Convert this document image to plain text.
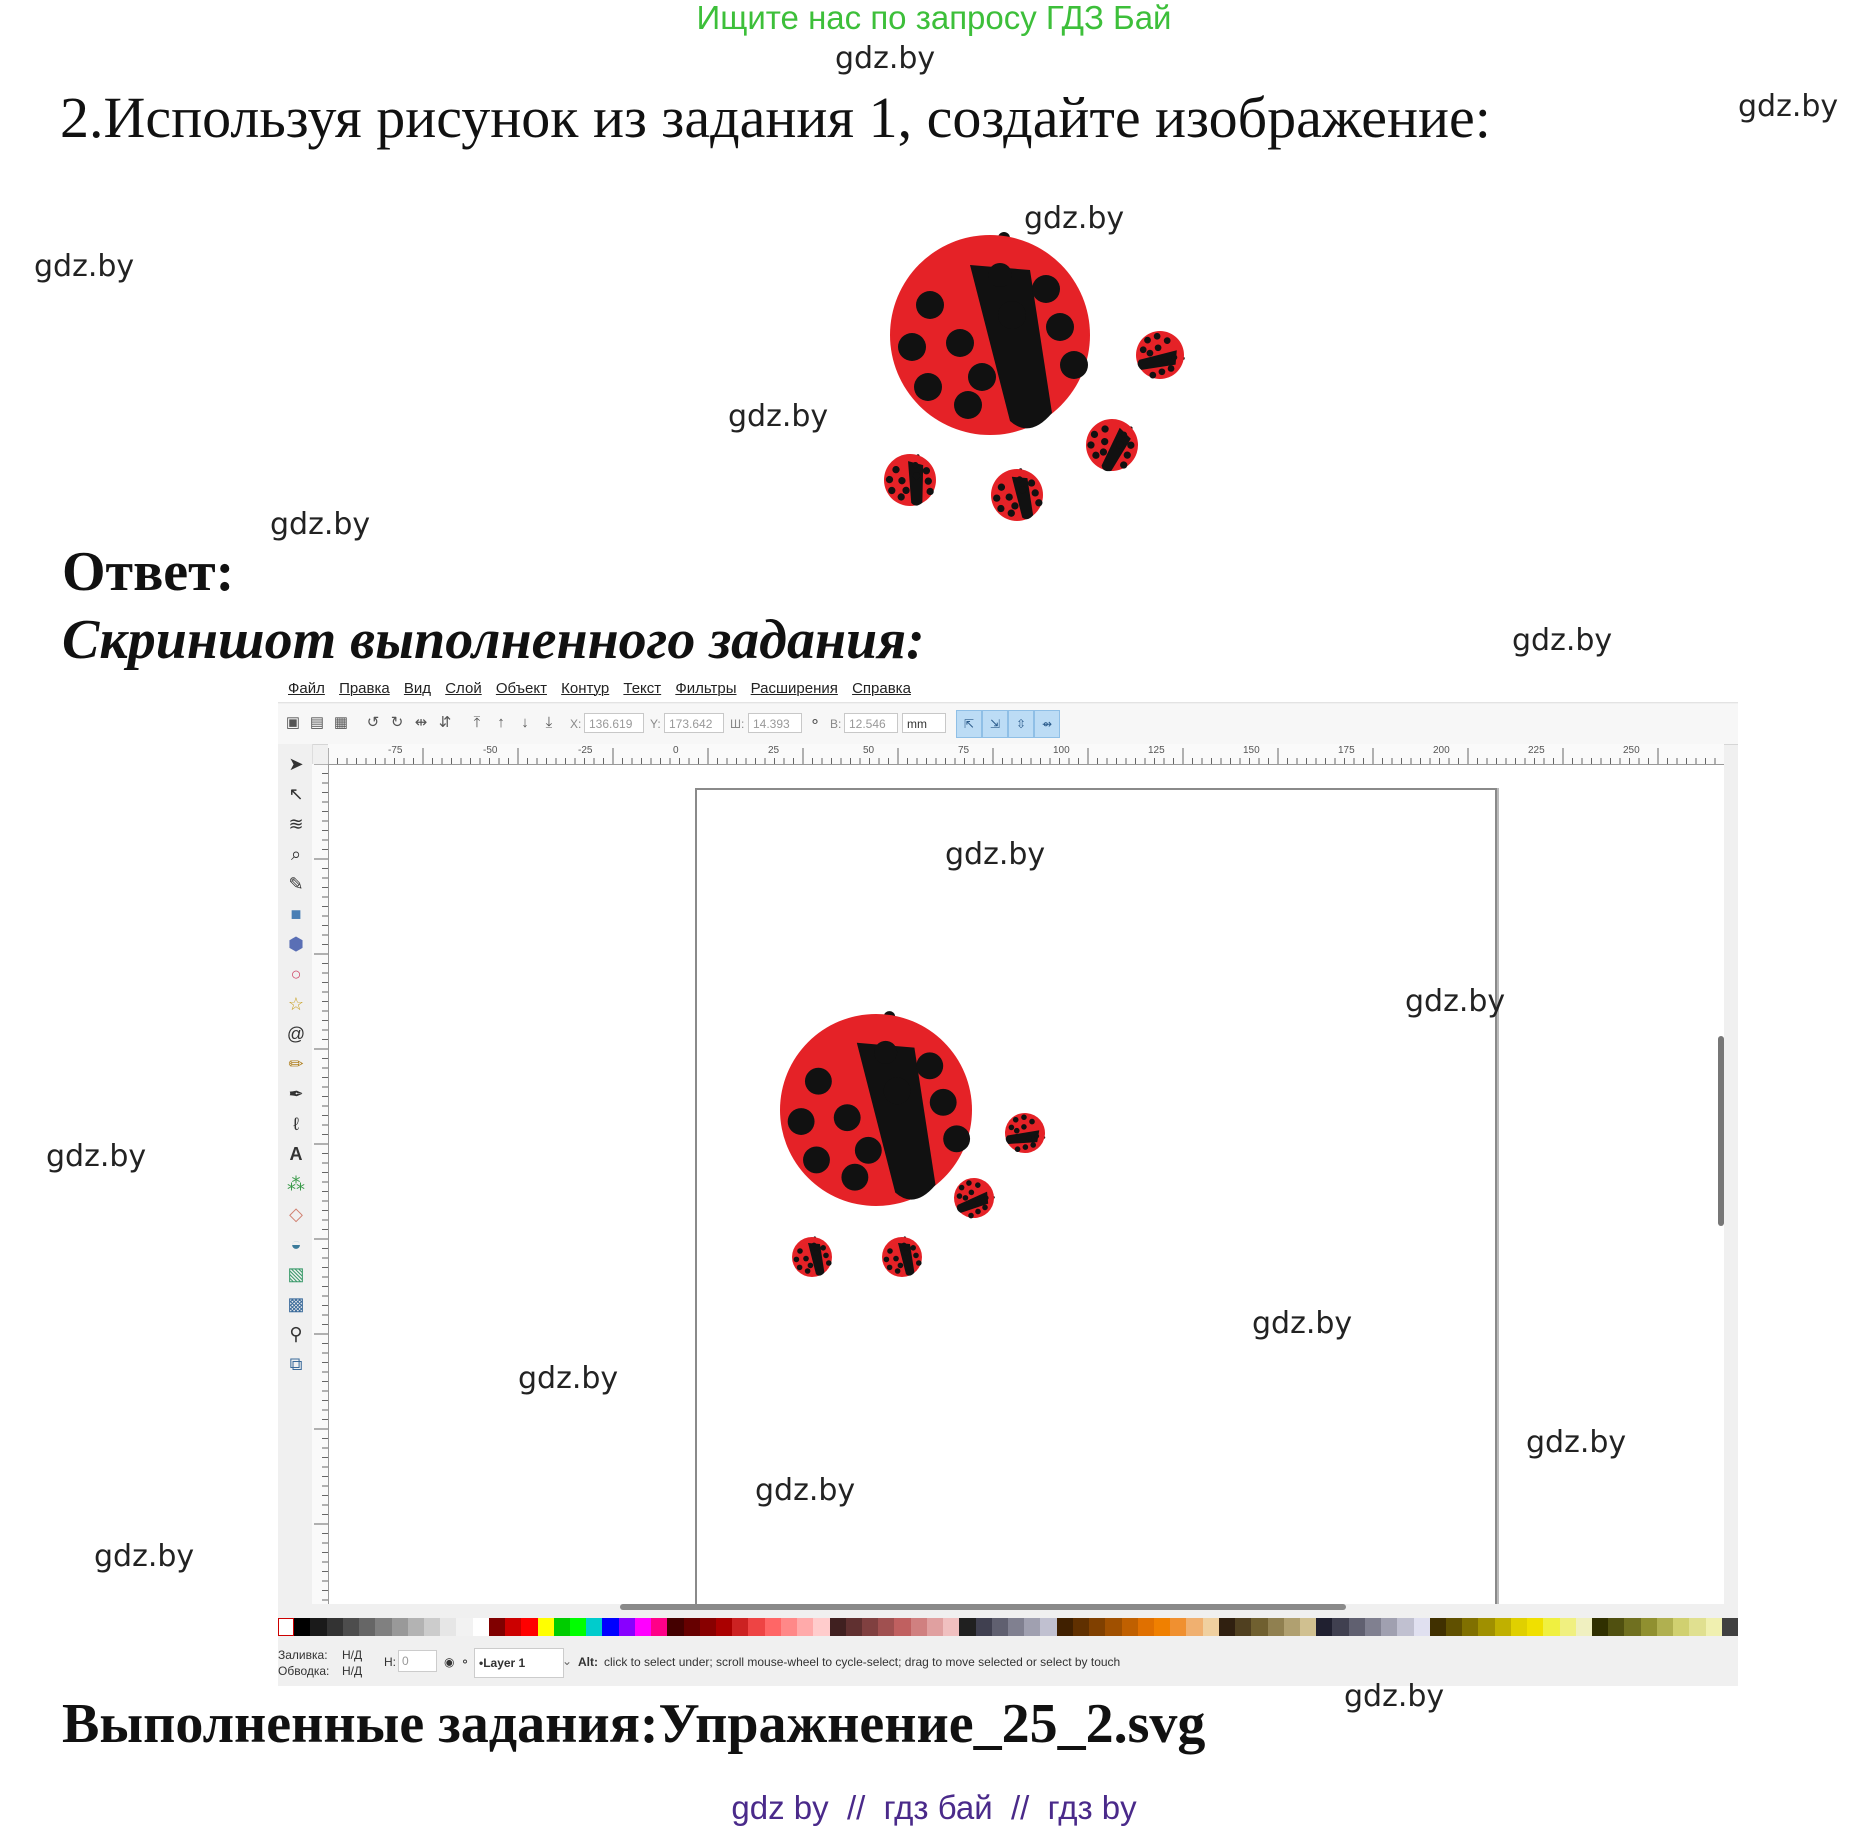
Ищите нас по запросу ГДЗ Бай
gdz.by
2.Используя рисунок из задания 1, создайте изображение:	gdz.by
gdz.by
gdz.by
gdz.by
gdz.by
Ответ:
Скриншот выполненного задания:	gdz.by
Файл Правка Вид Слой Объект Контур Текст Фильтры Расширения Справка
▣ ▤ ▦ ↺ ↻ ⇹ ⇵	⤒	↑	↓	⤓	X: 136.619	Y: 173.642	Ш: 14.393	⚬ В: 12.546	mm	⇱	⇲	⇳	⇴
➤
↖
≋
⌕
✎
■
⬢
○
☆
@
✏
✒
ℓ
A
⁂
◇
◒
▧
▩
⚲
⧉
-75	-50	-25	0	25	50	75	100	125	150	175	200	225	250
Заливка: Н/Д
Обводка: Н/Д
Н: 0	◉ ⚬ •Layer 1	⌄ Alt: click to select under; scroll mouse-wheel to cycle-select; drag to move selected or select by touch
gdz.by
gdz.by
gdz.by
gdz.by
gdz.by
gdz.by
gdz.by
gdz.by
gdz.by
Выполненные задания:Упражнение_25_2.svg
gdz by  //  гдз бай  //  гдз by
